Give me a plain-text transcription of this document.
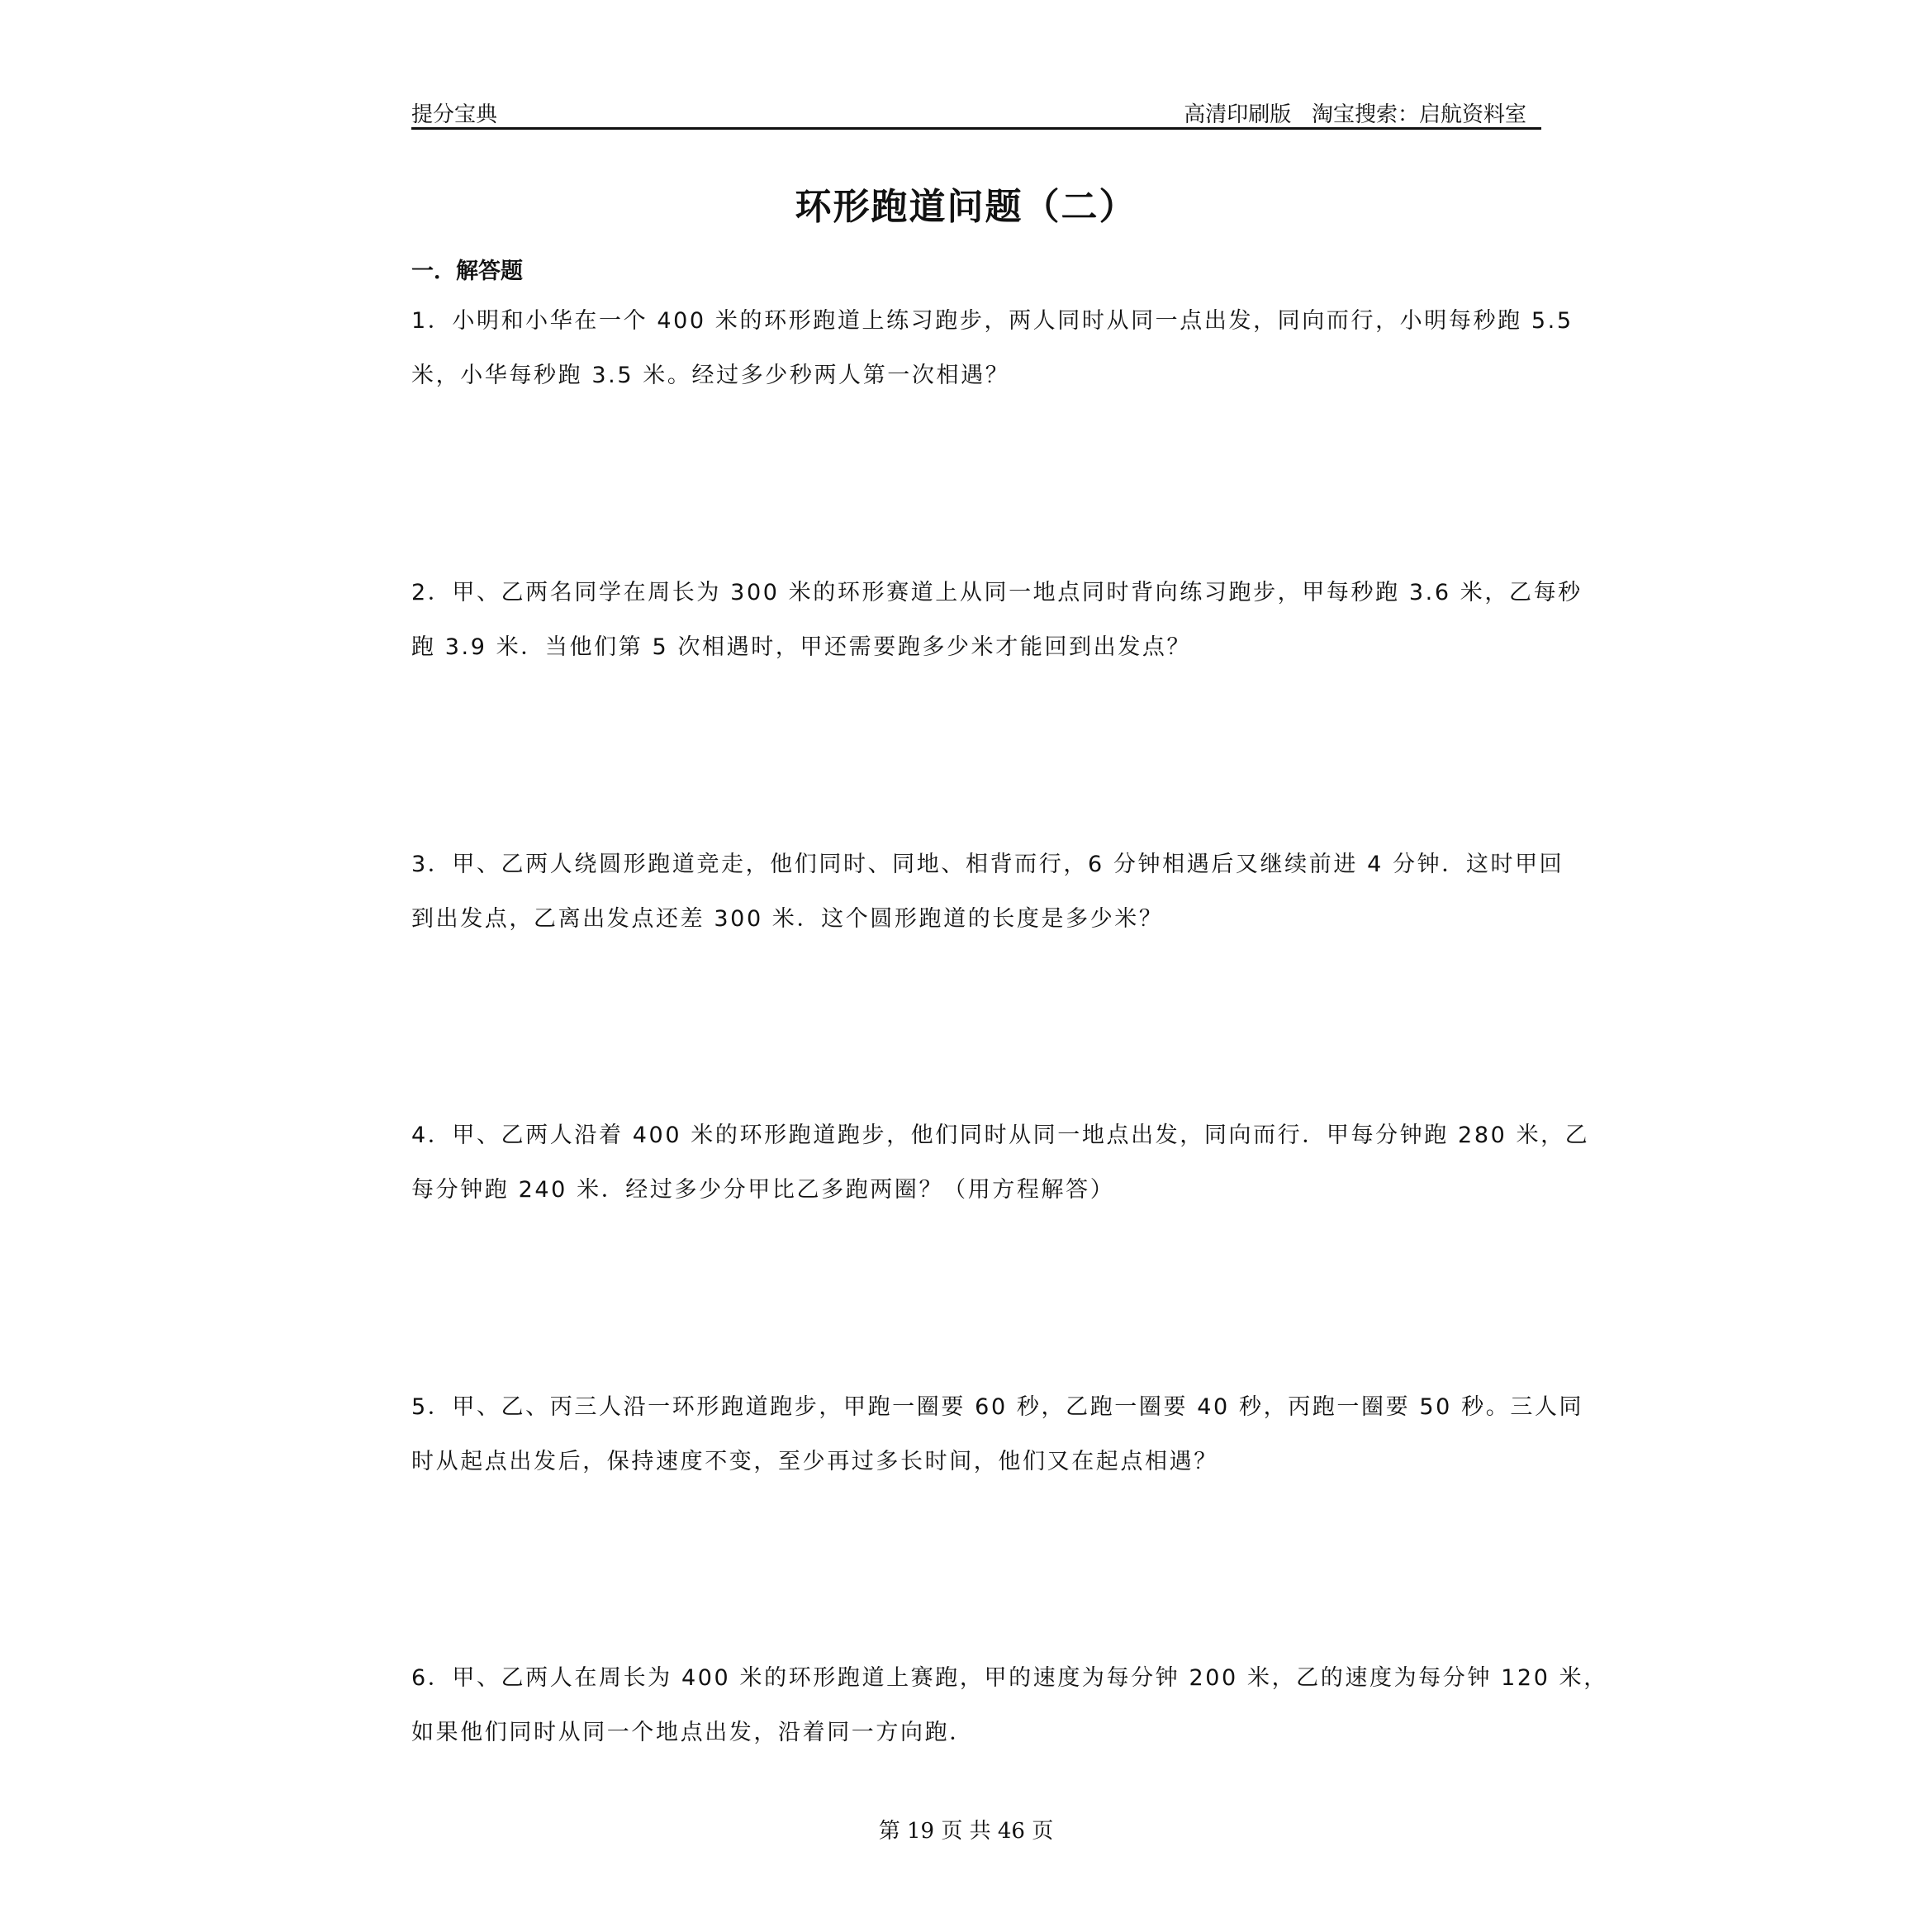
提分宝典	高清印刷版   淘宝搜索：启航资料室
环形跑道问题（二）
一．解答题
1．小明和小华在一个 400 米的环形跑道上练习跑步，两人同时从同一点出发，同向而行，小明每秒跑 5.5
米，小华每秒跑 3.5 米。经过多少秒两人第一次相遇？
2．甲、乙两名同学在周长为 300 米的环形赛道上从同一地点同时背向练习跑步，甲每秒跑 3.6 米，乙每秒
跑 3.9 米．当他们第 5 次相遇时，甲还需要跑多少米才能回到出发点？
3．甲、乙两人绕圆形跑道竞走，他们同时、同地、相背而行，6 分钟相遇后又继续前进 4 分钟．这时甲回
到出发点，乙离出发点还差 300 米．这个圆形跑道的长度是多少米？
4．甲、乙两人沿着 400 米的环形跑道跑步，他们同时从同一地点出发，同向而行．甲每分钟跑 280 米，乙
每分钟跑 240 米．经过多少分甲比乙多跑两圈？（用方程解答）
5．甲、乙、丙三人沿一环形跑道跑步，甲跑一圈要 60 秒，乙跑一圈要 40 秒，丙跑一圈要 50 秒。三人同
时从起点出发后，保持速度不变，至少再过多长时间，他们又在起点相遇？
6．甲、乙两人在周长为 400 米的环形跑道上赛跑，甲的速度为每分钟 200 米，乙的速度为每分钟 120 米，
如果他们同时从同一个地点出发，沿着同一方向跑．
第 19 页 共 46 页
